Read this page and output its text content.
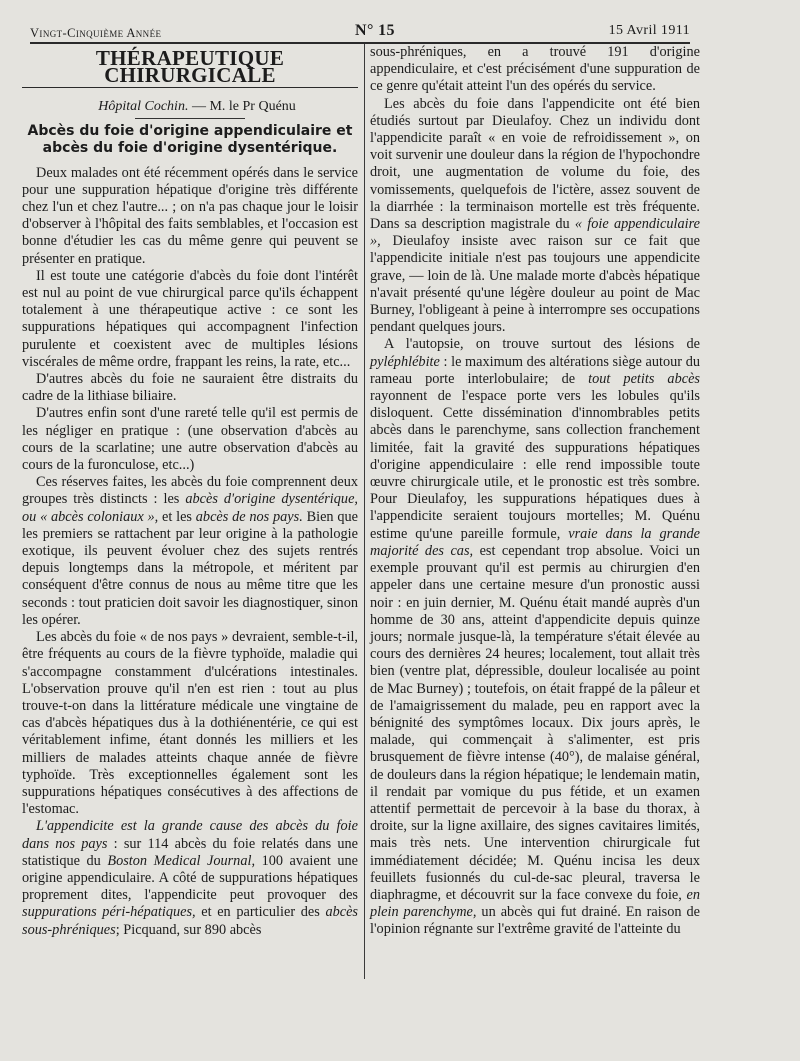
Vingt-Cinquième Année	N° 15	15 Avril 1911
THÉRAPEUTIQUE CHIRURGICALE

Hôpital Cochin. — M. le Pr Quénu

Abcès du foie d'origine appendiculaire et abcès du foie d'origine dysentérique.

Deux malades ont été récemment opérés dans le service pour une suppuration hépatique d'origine très différente chez l'un et chez l'autre... ; on n'a pas chaque jour le loisir d'observer à l'hôpital des faits semblables, et l'occasion est bonne d'étudier les cas du même genre qui peuvent se présenter en pratique.

Il est toute une catégorie d'abcès du foie dont l'intérêt est nul au point de vue chirurgical parce qu'ils échappent totalement à une thérapeutique active : ce sont les suppurations hépatiques qui accompagnent l'infection purulente et coexistent avec de multiples lésions viscérales de même ordre, frappant les reins, la rate, etc...

D'autres abcès du foie ne sauraient être distraits du cadre de la lithiase biliaire.

D'autres enfin sont d'une rareté telle qu'il est permis de les négliger en pratique : (une observation d'abcès au cours de la scarlatine; une autre observation d'abcès au cours de la furonculose, etc...)

Ces réserves faites, les abcès du foie comprennent deux groupes très distincts : les abcès d'origine dysentérique, ou « abcès coloniaux », et les abcès de nos pays. Bien que les premiers se rattachent par leur origine à la pathologie exotique, ils peuvent évoluer chez des sujets rentrés depuis longtemps dans la métropole, et méritent par conséquent d'être connus de nous au même titre que les seconds : tout praticien doit savoir les diagnostiquer, sinon les opérer.

Les abcès du foie « de nos pays » devraient, semble-t-il, être fréquents au cours de la fièvre typhoïde, maladie qui s'accompagne constamment d'ulcérations intestinales. L'observation prouve qu'il n'en est rien : tout au plus trouve-t-on dans la littérature médicale une vingtaine de cas d'abcès hépatiques dus à la dothiénentérie, ce qui est véritablement infime, étant donnés les milliers et les milliers de malades atteints chaque année de fièvre typhoïde. Très exceptionnelles également sont les suppurations hépatiques consécutives à des affections de l'estomac.

L'appendicite est la grande cause des abcès du foie dans nos pays : sur 114 abcès du foie relatés dans une statistique du Boston Medical Journal, 100 avaient une origine appendiculaire. A côté de suppurations hépatiques proprement dites, l'appendicite peut provoquer des suppurations péri-hépatiques, et en particulier des abcès sous-phréniques; Picquand, sur 890 abcès

sous-phréniques, en a trouvé 191 d'origine appendiculaire, et c'est précisément d'une suppuration de ce genre qu'était atteint l'un des opérés du service.

Les abcès du foie dans l'appendicite ont été bien étudiés surtout par Dieulafoy. Chez un individu dont l'appendicite paraît « en voie de refroidissement », on voit survenir une douleur dans la région de l'hypochondre droit, une augmentation de volume du foie, des vomissements, quelquefois de l'ictère, assez souvent de la diarrhée : la terminaison mortelle est très fréquente. Dans sa description magistrale du « foie appendiculaire », Dieulafoy insiste avec raison sur ce fait que l'appendicite initiale n'est pas toujours une appendicite grave, — loin de là. Une malade morte d'abcès hépatique n'avait présenté qu'une légère douleur au point de Mac Burney, l'obligeant à peine à interrompre ses occupations pendant quelques jours.

A l'autopsie, on trouve surtout des lésions de pyléphlébite : le maximum des altérations siège autour du rameau porte interlobulaire; de tout petits abcès rayonnent de l'espace porte vers les lobules qu'ils disloquent. Cette dissémination d'innombrables petits abcès dans le parenchyme, sans collection franchement limitée, fait la gravité des suppurations hépatiques d'origine appendiculaire : elle rend impossible toute œuvre chirurgicale utile, et le pronostic est très sombre. Pour Dieulafoy, les suppurations hépatiques dues à l'appendicite seraient toujours mortelles; M. Quénu estime qu'une pareille formule, vraie dans la grande majorité des cas, est cependant trop absolue. Voici un exemple prouvant qu'il est permis au chirurgien d'en appeler dans une certaine mesure d'un pronostic aussi noir : en juin dernier, M. Quénu était mandé auprès d'un homme de 30 ans, atteint d'appendicite depuis quinze jours; normale jusque-là, la température s'était élevée au cours des dernières 24 heures; localement, tout allait très bien (ventre plat, dépressible, douleur localisée au point de Mac Burney) ; toutefois, on était frappé de la pâleur et de l'amaigrissement du malade, peu en rapport avec la bénignité des symptômes locaux. Dix jours après, le malade, qui commençait à s'alimenter, est pris brusquement de fièvre intense (40°), de malaise général, de douleurs dans la région hépatique; le lendemain matin, il rendait par vomique du pus fétide, et un examen attentif permettait de percevoir à la base du thorax, à droite, sur la ligne axillaire, des signes cavitaires limités, mais très nets. Une intervention chirurgicale fut immédiatement décidée; M. Quénu incisa les deux feuillets fusionnés du cul-de-sac pleural, traversa le diaphragme, et découvrit sur la face convexe du foie, en plein parenchyme, un abcès qui fut drainé. En raison de l'opinion régnante sur l'extrême gravité de l'atteinte du
